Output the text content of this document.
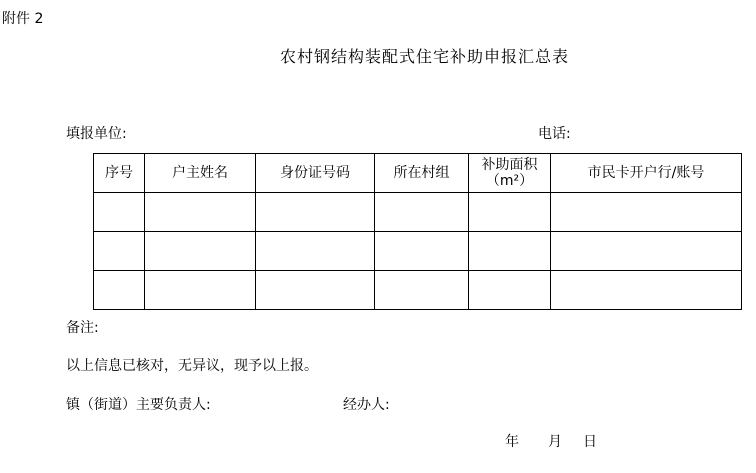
附件 2
农村钢结构装配式住宅补助申报汇总表
填报单位:	电话:
序号	户主姓名	身份证号码	所在村组	补助面积（m²）	市民卡开户行/账号

备注:
以上信息已核对，无异议，现予以上报。
镇（街道）主要负责人:	经办人:
年 月 日
